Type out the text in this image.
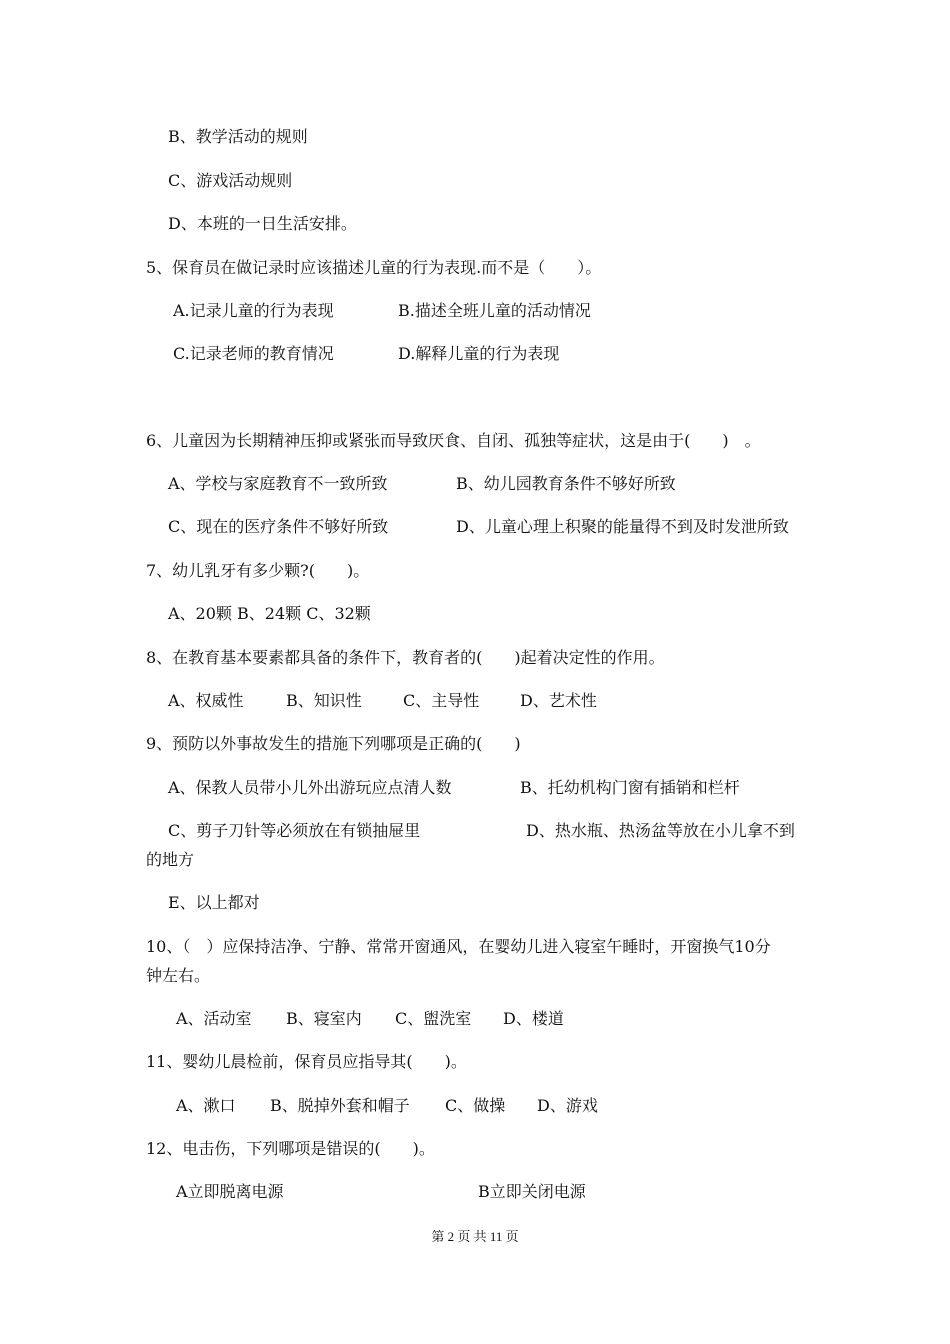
B、教学活动的规则
C、游戏活动规则
D、本班的一日生活安排。
5、保育员在做记录时应该描述儿童的行为表现.而不是（　　）。
A.记录儿童的行为表现	B.描述全班儿童的活动情况
C.记录老师的教育情况	D.解释儿童的行为表现
6、儿童因为长期精神压抑或紧张而导致厌食、自闭、孤独等症状，这是由于(　　)　。
A、学校与家庭教育不一致所致	B、幼儿园教育条件不够好所致
C、现在的医疗条件不够好所致	D、儿童心理上积聚的能量得不到及时发泄所致
7、幼儿乳牙有多少颗?(　　)。
A、20颗 B、24颗 C、32颗
8、在教育基本要素都具备的条件下，教育者的(　　)起着决定性的作用。
A、权威性	B、知识性	C、主导性	D、艺术性
9、预防以外事故发生的措施下列哪项是正确的(　　)
A、保教人员带小儿外出游玩应点清人数	B、托幼机构门窗有插销和栏杆
C、剪子刀针等必须放在有锁抽屉里	D、热水瓶、热汤盆等放在小儿拿不到
的地方
E、以上都对
10、（　）应保持洁净、宁静、常常开窗通风，在婴幼儿进入寝室午睡时，开窗换气10分
钟左右。
A、活动室 B、寝室内 C、盥洗室 D、楼道
11、婴幼儿晨检前，保育员应指导其(　　)。
A、漱口 B、脱掉外套和帽子 C、做操 D、游戏
12、电击伤，下列哪项是错误的(　　)。
A立即脱离电源	B立即关闭电源
第 2 页 共 11 页
